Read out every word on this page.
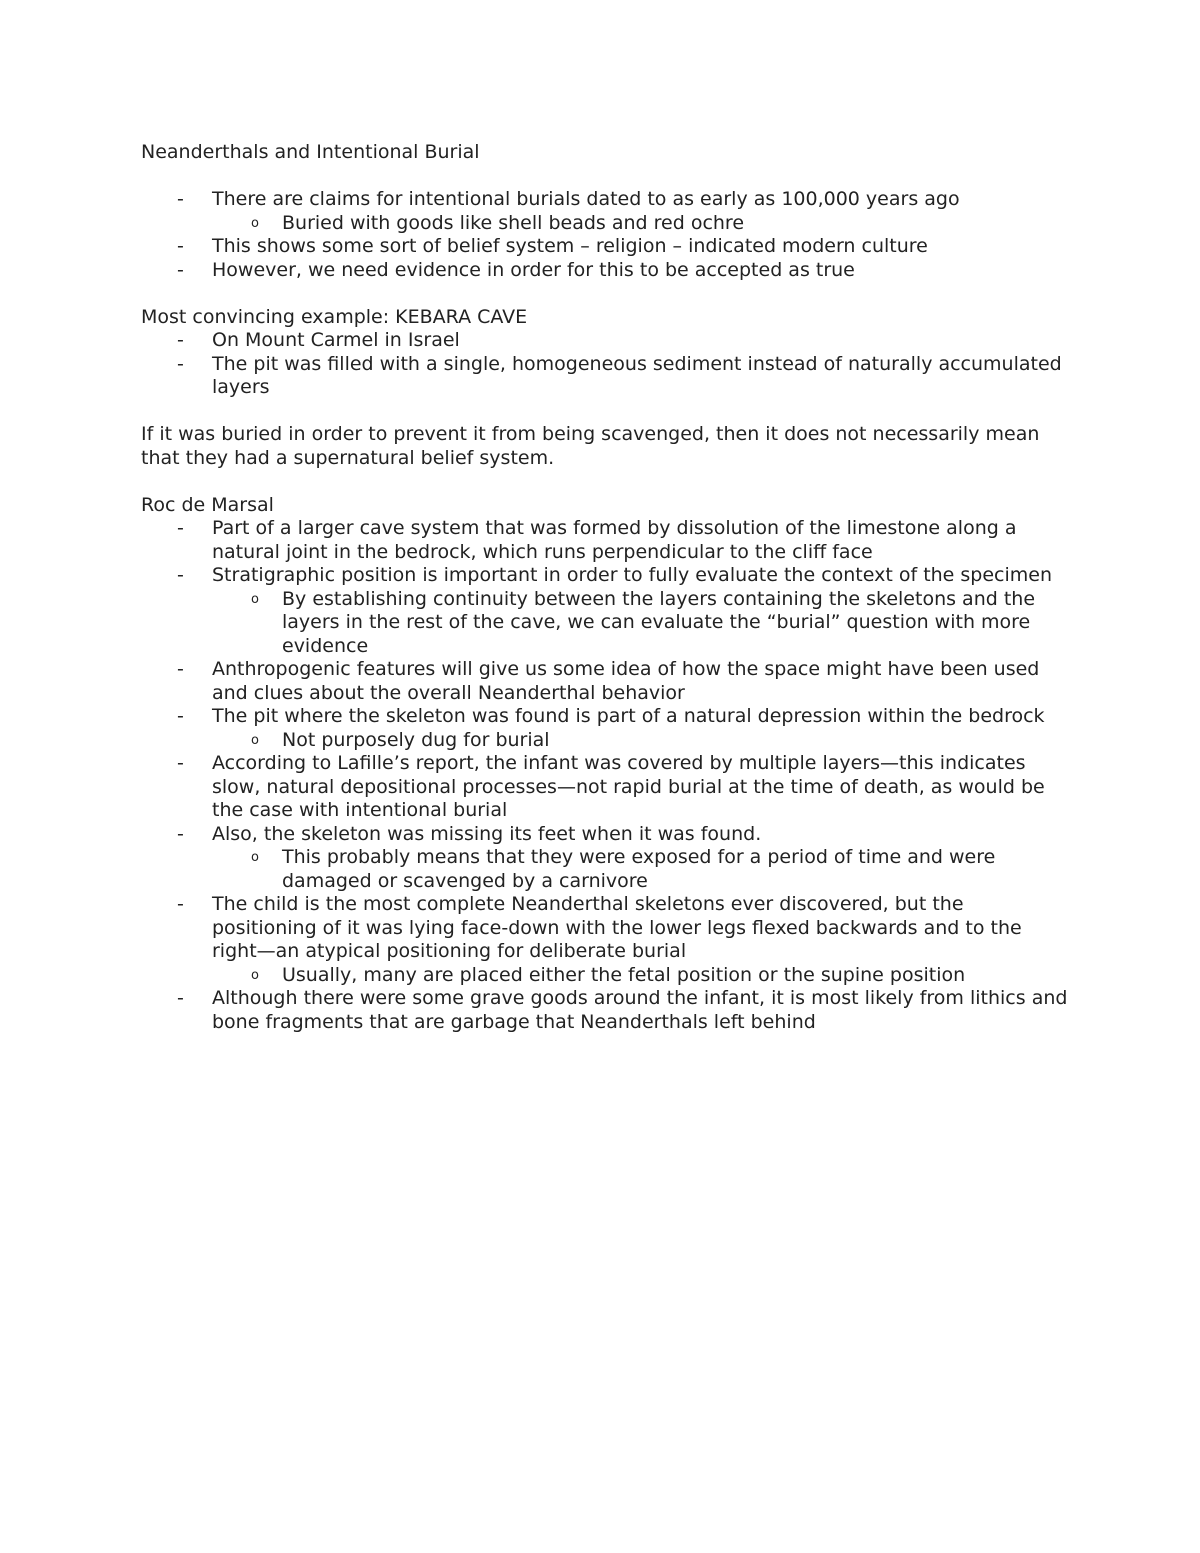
Neanderthals and Intentional Burial
-	There are claims for intentional burials dated to as early as 100,000 years ago
o	Buried with goods like shell beads and red ochre
-	This shows some sort of belief system – religion – indicated modern culture
-	However, we need evidence in order for this to be accepted as true
Most convincing example: KEBARA CAVE
-	On Mount Carmel in Israel
-	The pit was filled with a single, homogeneous sediment instead of naturally accumulated layers
If it was buried in order to prevent it from being scavenged, then it does not necessarily mean that they had a supernatural belief system.
Roc de Marsal
-	Part of a larger cave system that was formed by dissolution of the limestone along a natural joint in the bedrock, which runs perpendicular to the cliff face
-	Stratigraphic position is important in order to fully evaluate the context of the specimen
o	By establishing continuity between the layers containing the skeletons and the layers in the rest of the cave, we can evaluate the “burial” question with more evidence
-	Anthropogenic features will give us some idea of how the space might have been used and clues about the overall Neanderthal behavior
-	The pit where the skeleton was found is part of a natural depression within the bedrock
o	Not purposely dug for burial
-	According to Lafille’s report, the infant was covered by multiple layers—this indicates slow, natural depositional processes—not rapid burial at the time of death, as would be the case with intentional burial
-	Also, the skeleton was missing its feet when it was found.
o	This probably means that they were exposed for a period of time and were damaged or scavenged by a carnivore
-	The child is the most complete Neanderthal skeletons ever discovered, but the positioning of it was lying face-down with the lower legs flexed backwards and to the right—an atypical positioning for deliberate burial
o	Usually, many are placed either the fetal position or the supine position
-	Although there were some grave goods around the infant, it is most likely from lithics and bone fragments that are garbage that Neanderthals left behind
